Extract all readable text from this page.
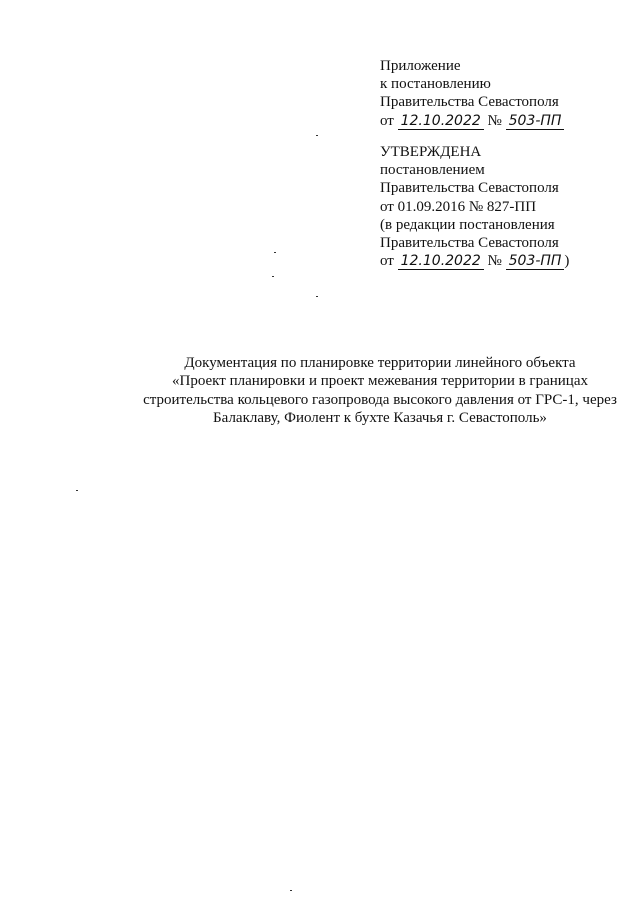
Приложение
к постановлению
Правительства Севастополя
от 12.10.2022 № 503-ПП
УТВЕРЖДЕНА
постановлением
Правительства Севастополя
от 01.09.2016 № 827-ПП
(в редакции постановления
Правительства Севастополя
от 12.10.2022 № 503-ПП )
Документация по планировке территории линейного объекта
«Проект планировки и проект межевания территории в границах
строительства кольцевого газопровода высокого давления от ГРС-1, через
Балаклаву, Фиолент к бухте Казачья г. Севастополь»
